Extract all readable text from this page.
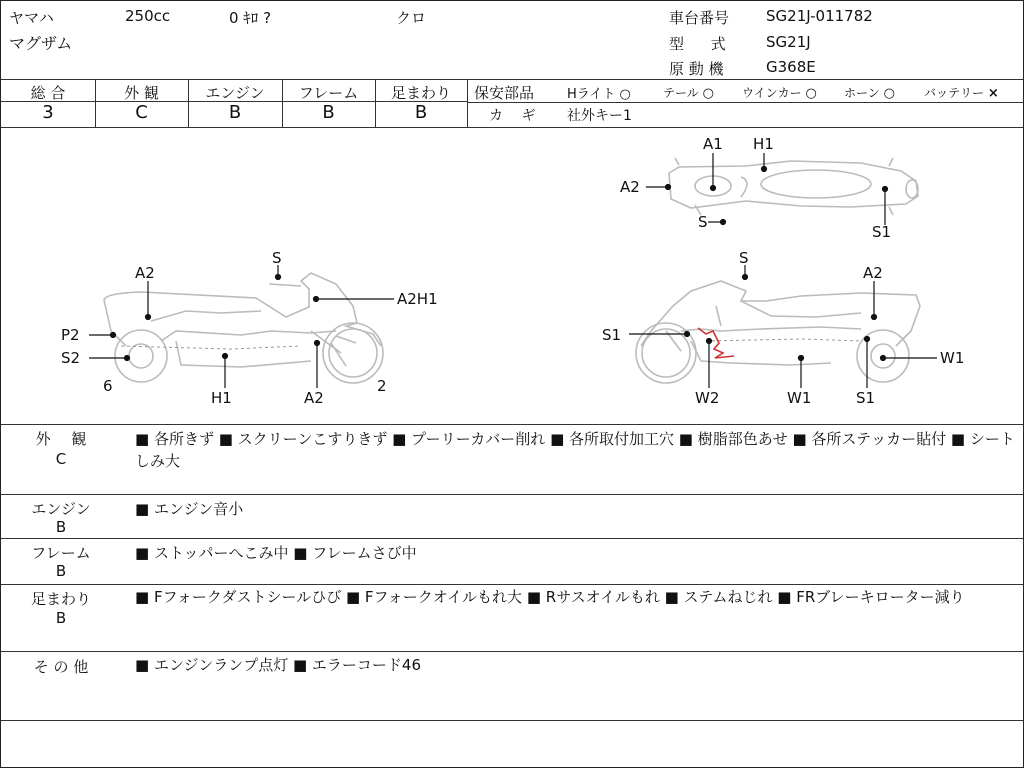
ヤマハ	250cc	0 ｷﾛ ?	クロ
マグザム
車台番号 SG21J-011782
型 式	SG21J
原 動 機	G368E
総 合	外 観	エンジン	フレーム	足まわり
3	C	B	B	B
保安部品	Hライト ○	テール ○ ウインカー ○ ホーン ○ バッテリー ×
カ ギ 社外キー1
A1 H1
A2
S
S1
S
A2
A2H1
P2
S2
6
H1	A2
2
S
A2
S1
W1
W2	W1	S1
外 観
C
■ 各所きず ■ スクリーンこすりきず ■ プーリーカバー削れ ■ 各所取付加工穴 ■ 樹脂部色あせ ■ 各所ステッカー貼付 ■ シートしみ大
エンジン
B
■ エンジン音小
フレーム
B
■ ストッパーへこみ中 ■ フレームさび中
足まわり
B
■ Fフォークダストシールひび ■ Fフォークオイルもれ大 ■ Rサスオイルもれ ■ ステムねじれ ■ FRブレーキローター減り
そ の 他	■ エンジンランプ点灯 ■ エラーコード46
